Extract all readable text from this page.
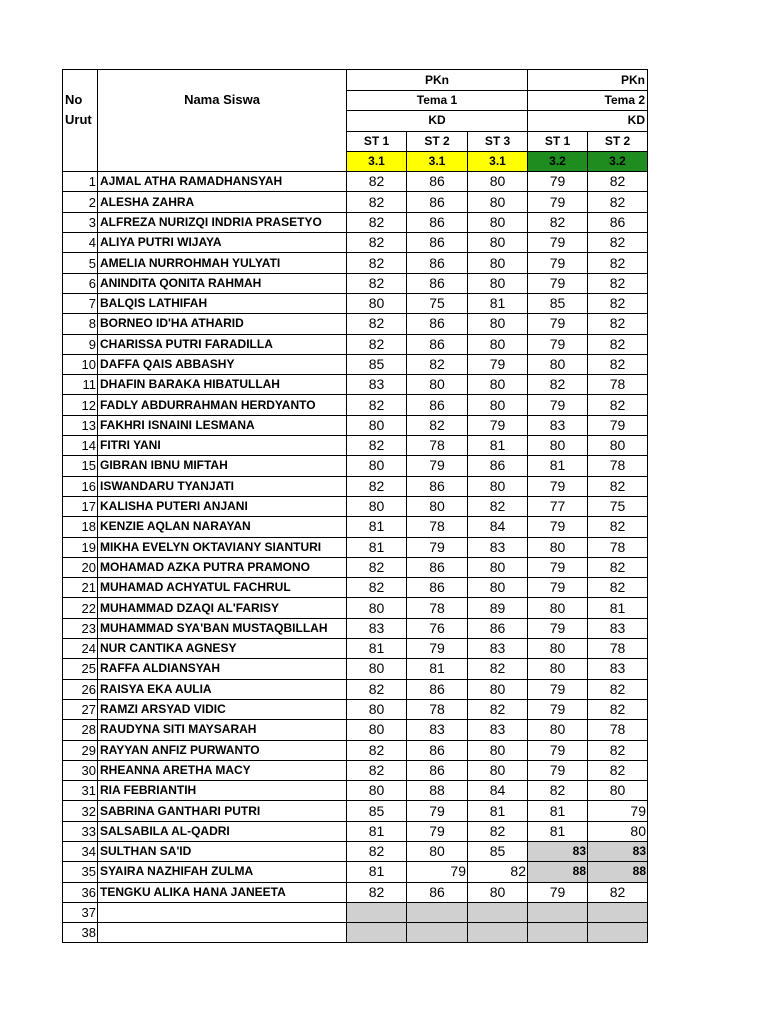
No
Urut	Nama Siswa	PKn			PKn	
		Tema 1			Tema 2	
		KD			KD	
		ST 1	ST 2	ST 3	ST 1	ST 2
		3.1	3.1	3.1	3.2	3.2
1	AJMAL ATHA RAMADHANSYAH	82	86	80	79	82
2	ALESHA ZAHRA	82	86	80	79	82
3	ALFREZA NURIZQI INDRIA PRASETYO	82	86	80	82	86
4	ALIYA PUTRI WIJAYA	82	86	80	79	82
5	AMELIA NURROHMAH YULYATI	82	86	80	79	82
6	ANINDITA QONITA RAHMAH	82	86	80	79	82
7	BALQIS LATHIFAH	80	75	81	85	82
8	BORNEO ID'HA ATHARID	82	86	80	79	82
9	CHARISSA PUTRI FARADILLA	82	86	80	79	82
10	DAFFA QAIS ABBASHY	85	82	79	80	82
11	DHAFIN BARAKA HIBATULLAH	83	80	80	82	78
12	FADLY ABDURRAHMAN HERDYANTO	82	86	80	79	82
13	FAKHRI ISNAINI LESMANA	80	82	79	83	79
14	FITRI YANI	82	78	81	80	80
15	GIBRAN IBNU MIFTAH	80	79	86	81	78
16	ISWANDARU TYANJATI	82	86	80	79	82
17	KALISHA PUTERI ANJANI	80	80	82	77	75
18	KENZIE AQLAN NARAYAN	81	78	84	79	82
19	MIKHA EVELYN OKTAVIANY SIANTURI	81	79	83	80	78
20	MOHAMAD AZKA PUTRA PRAMONO	82	86	80	79	82
21	MUHAMAD ACHYATUL FACHRUL	82	86	80	79	82
22	MUHAMMAD DZAQI AL'FARISY	80	78	89	80	81
23	MUHAMMAD SYA'BAN MUSTAQBILLAH	83	76	86	79	83
24	NUR CANTIKA AGNESY	81	79	83	80	78
25	RAFFA ALDIANSYAH	80	81	82	80	83
26	RAISYA EKA AULIA	82	86	80	79	82
27	RAMZI ARSYAD VIDIC	80	78	82	79	82
28	RAUDYNA SITI MAYSARAH	80	83	83	80	78
29	RAYYAN ANFIZ PURWANTO	82	86	80	79	82
30	RHEANNA ARETHA MACY	82	86	80	79	82
31	RIA FEBRIANTIH	80	88	84	82	80
32	SABRINA GANTHARI PUTRI	85	79	81	81	79
33	SALSABILA AL-QADRI	81	79	82	81	80
34	SULTHAN SA'ID	82	80	85	83	83
35	SYAIRA NAZHIFAH ZULMA	81	79	82	88	88
36	TENGKU ALIKA HANA JANEETA	82	86	80	79	82
37						
38						
